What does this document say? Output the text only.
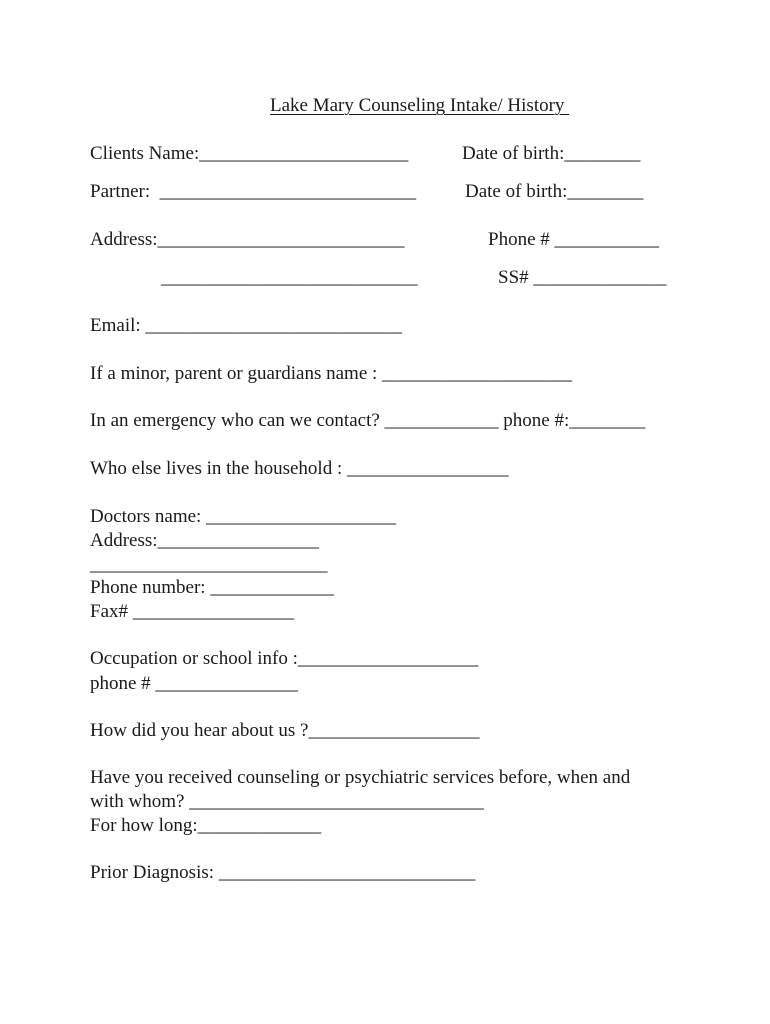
Lake Mary Counseling Intake/ History
Clients Name:______________________	Date of birth:________
Partner:  ___________________________	Date of birth:________
Address:__________________________	Phone # ___________
___________________________	SS# ______________
Email: ___________________________
If a minor, parent or guardians name : ____________________
In an emergency who can we contact? ____________ phone #:________
Who else lives in the household : _________________
Doctors name: ____________________
Address:_________________
_________________________
Phone number: _____________
Fax# _________________
Occupation or school info :___________________
phone # _______________
How did you hear about us ?__________________
Have you received counseling or psychiatric services before, when and
with whom? _______________________________
For how long:_____________
Prior Diagnosis: ___________________________
